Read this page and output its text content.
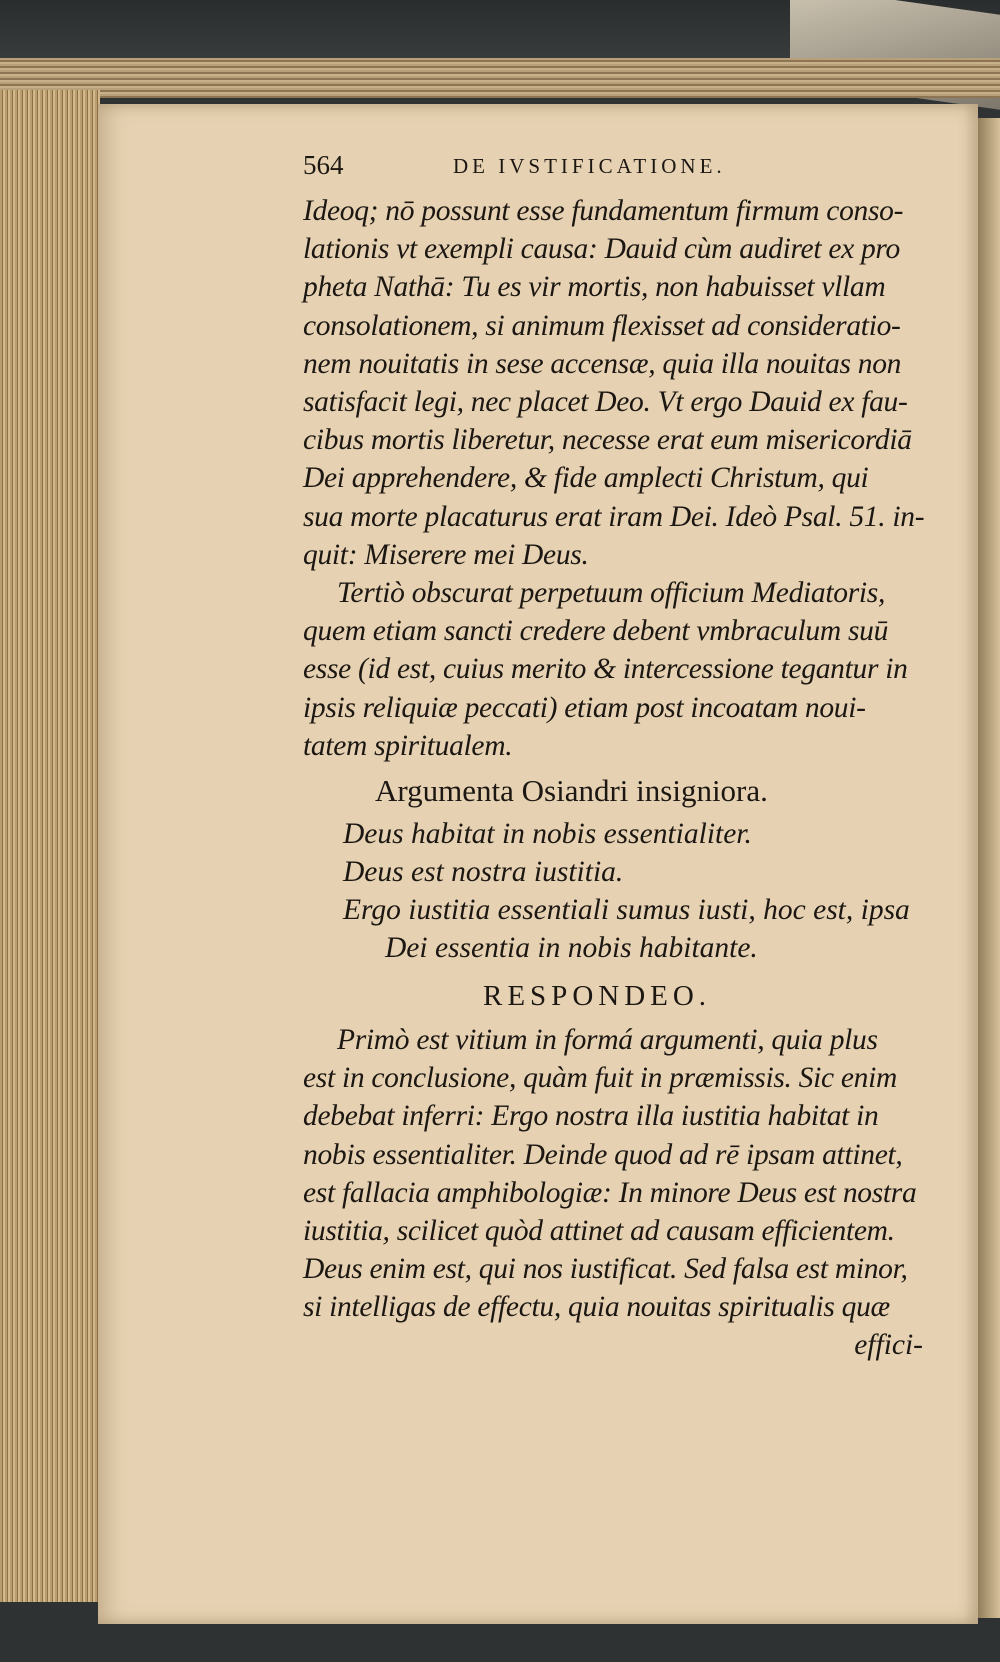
564	DE IVSTIFICATIONE.
Ideoq; nō possunt esse fundamentum firmum conso-
lationis vt exempli causa: Dauid cùm audiret ex pro
pheta Nathā: Tu es vir mortis, non habuisset vllam
consolationem, si animum flexisset ad consideratio-
nem nouitatis in sese accensæ, quia illa nouitas non
satisfacit legi, nec placet Deo. Vt ergo Dauid ex fau-
cibus mortis liberetur, necesse erat eum misericordiā
Dei apprehendere, & fide amplecti Christum, qui
sua morte placaturus erat iram Dei. Ideò Psal. 51. in-
quit: Miserere mei Deus.
Tertiò obscurat perpetuum officium Mediatoris,
quem etiam sancti credere debent vmbraculum suū
esse (id est, cuius merito & intercessione tegantur in
ipsis reliquiæ peccati) etiam post incoatam noui-
tatem spiritualem.
Argumenta Osiandri insigniora.
Deus habitat in nobis essentialiter.
Deus est nostra iustitia.
Ergo iustitia essentiali sumus iusti, hoc est, ipsa
Dei essentia in nobis habitante.
RESPONDEO.
Primò est vitium in formá argumenti, quia plus
est in conclusione, quàm fuit in præmissis. Sic enim
debebat inferri: Ergo nostra illa iustitia habitat in
nobis essentialiter. Deinde quod ad rē ipsam attinet,
est fallacia amphibologiæ: In minore Deus est nostra
iustitia, scilicet quòd attinet ad causam efficientem.
Deus enim est, qui nos iustificat. Sed falsa est minor,
si intelligas de effectu, quia nouitas spiritualis quæ
effici-
